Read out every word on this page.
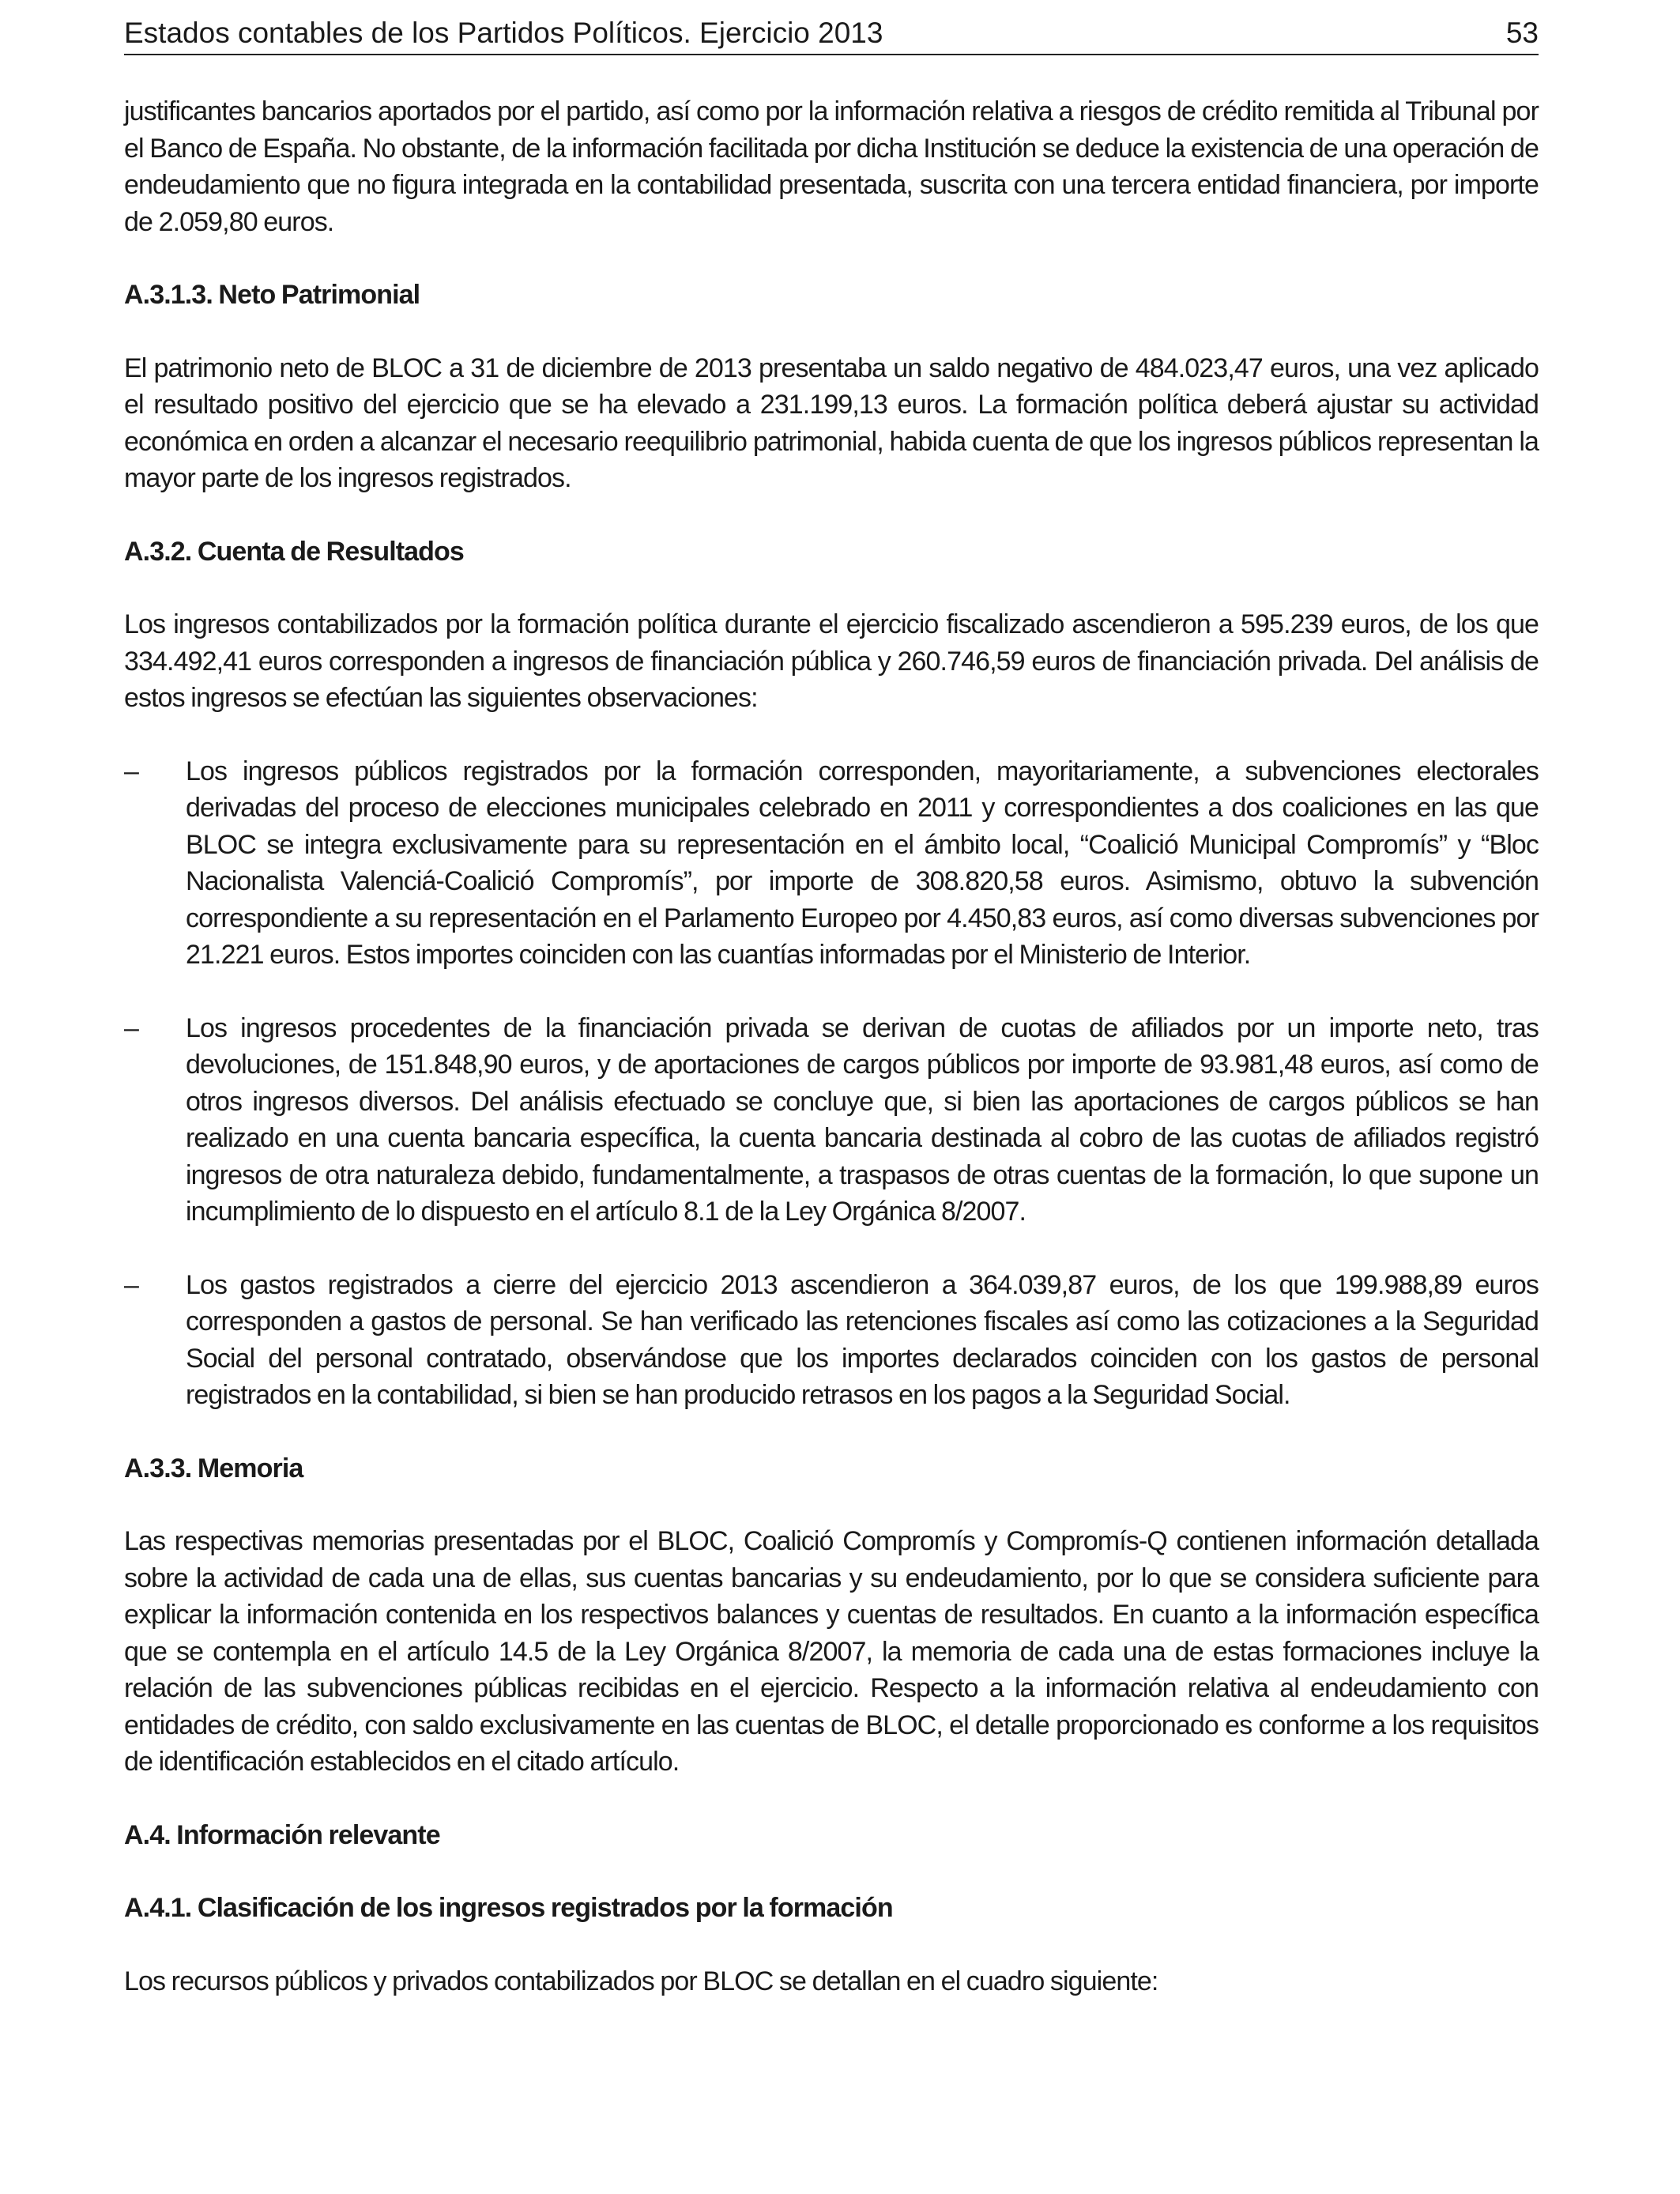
Estados contables de los Partidos Políticos. Ejercicio 2013	53

justificantes bancarios aportados por el partido, así como por la información relativa a riesgos de crédito remitida al Tribunal por el Banco de España. No obstante, de la información facilitada por dicha Institución se deduce la existencia de una operación de endeudamiento que no figura integrada en la contabilidad presentada, suscrita con una tercera entidad financiera, por importe de 2.059,80 euros.

A.3.1.3. Neto Patrimonial

El patrimonio neto de BLOC a 31 de diciembre de 2013 presentaba un saldo negativo de 484.023,47 euros, una vez aplicado el resultado positivo del ejercicio que se ha elevado a 231.199,13 euros. La formación política deberá ajustar su actividad económica en orden a alcanzar el necesario reequilibrio patrimonial, habida cuenta de que los ingresos públicos representan la mayor parte de los ingresos registrados.

A.3.2. Cuenta de Resultados

Los ingresos contabilizados por la formación política durante el ejercicio fiscalizado ascendieron a 595.239 euros, de los que 334.492,41 euros corresponden a ingresos de financiación pública y 260.746,59 euros de financiación privada. Del análisis de estos ingresos se efectúan las siguientes observaciones:

–	Los ingresos públicos registrados por la formación corresponden, mayoritariamente, a subvenciones electorales derivadas del proceso de elecciones municipales celebrado en 2011 y correspondientes a dos coaliciones en las que BLOC se integra exclusivamente para su representación en el ámbito local, “Coalició Municipal Compromís” y “Bloc Nacionalista Valenciá-Coalició Compromís”, por importe de 308.820,58 euros. Asimismo, obtuvo la subvención correspondiente a su representación en el Parlamento Europeo por 4.450,83 euros, así como diversas subvenciones por 21.221 euros. Estos importes coinciden con las cuantías informadas por el Ministerio de Interior.

–	Los ingresos procedentes de la financiación privada se derivan de cuotas de afiliados por un importe neto, tras devoluciones, de 151.848,90 euros, y de aportaciones de cargos públicos por importe de 93.981,48 euros, así como de otros ingresos diversos. Del análisis efectuado se concluye que, si bien las aportaciones de cargos públicos se han realizado en una cuenta bancaria específica, la cuenta bancaria destinada al cobro de las cuotas de afiliados registró ingresos de otra naturaleza debido, fundamentalmente, a traspasos de otras cuentas de la formación, lo que supone un incumplimiento de lo dispuesto en el artículo 8.1 de la Ley Orgánica 8/2007.

–	Los gastos registrados a cierre del ejercicio 2013 ascendieron a 364.039,87 euros, de los que 199.988,89 euros corresponden a gastos de personal. Se han verificado las retenciones fiscales así como las cotizaciones a la Seguridad Social del personal contratado, observándose que los importes declarados coinciden con los gastos de personal registrados en la contabilidad, si bien se han producido retrasos en los pagos a la Seguridad Social.

A.3.3. Memoria

Las respectivas memorias presentadas por el BLOC, Coalició Compromís y Compromís-Q contienen información detallada sobre la actividad de cada una de ellas, sus cuentas bancarias y su endeudamiento, por lo que se considera suficiente para explicar la información contenida en los respectivos balances y cuentas de resultados. En cuanto a la información específica que se contempla en el artículo 14.5 de la Ley Orgánica 8/2007, la memoria de cada una de estas formaciones incluye la relación de las subvenciones públicas recibidas en el ejercicio. Respecto a la información relativa al endeudamiento con entidades de crédito, con saldo exclusivamente en las cuentas de BLOC, el detalle proporcionado es conforme a los requisitos de identificación establecidos en el citado artículo.

A.4. Información relevante
A.4.1. Clasificación de los ingresos registrados por la formación

Los recursos públicos y privados contabilizados por BLOC se detallan en el cuadro siguiente:
